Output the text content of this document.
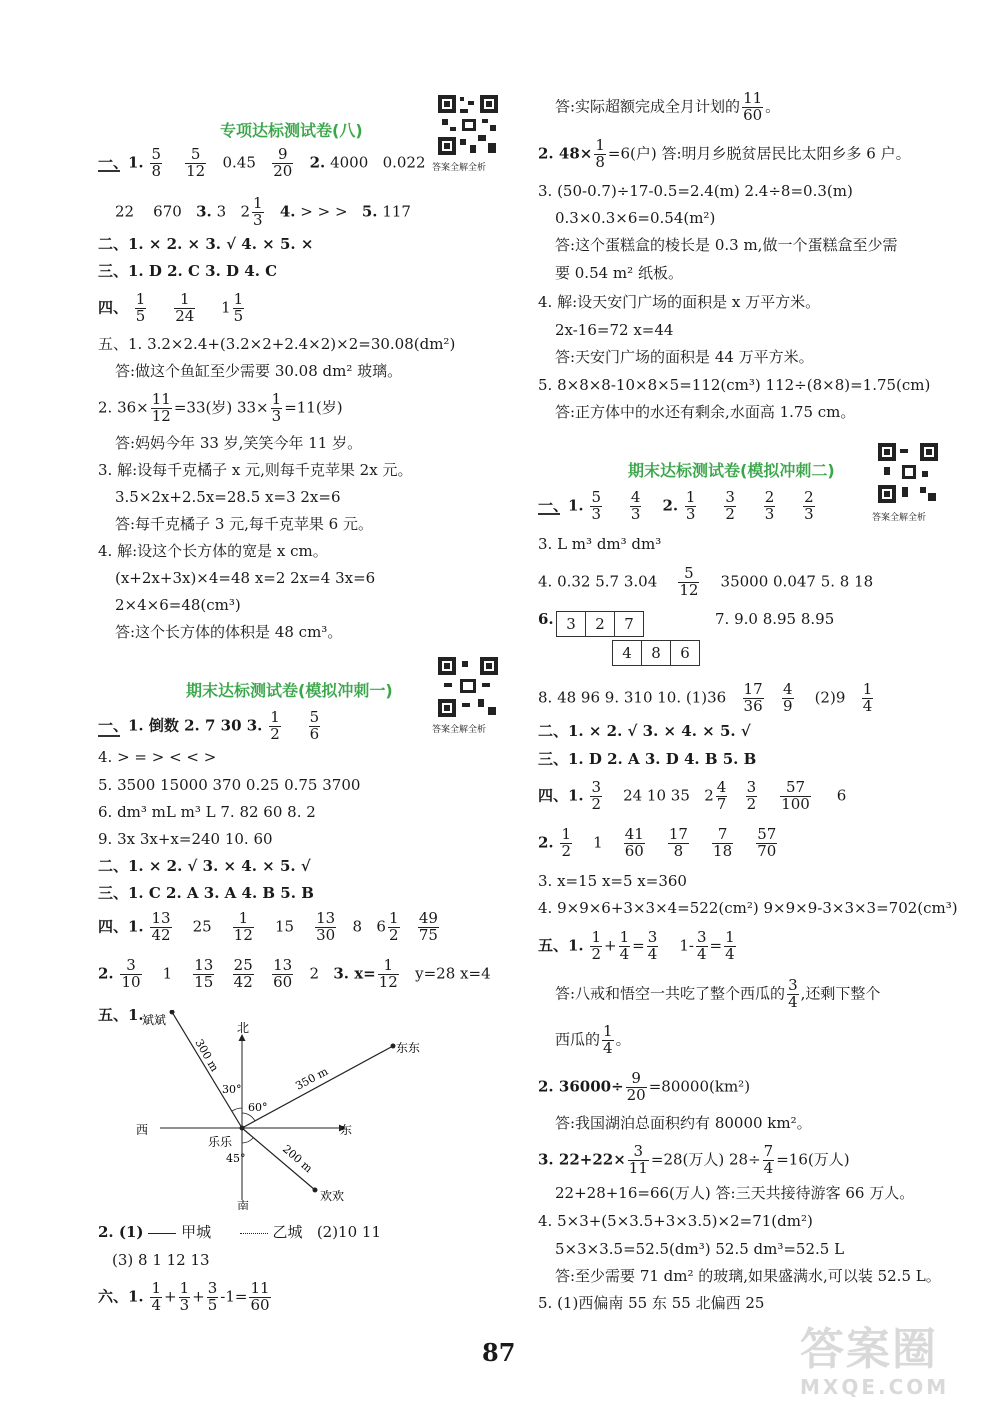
专项达标测试卷(八)
答案全解全析
一、1. $\frac{5}{8}$
$\frac{5}{12} 0.45 \frac{9}{20} 2$. 4000 0.022
22 670 3. 3 $2 \frac{1}{3} 4$. > > > 5. 117
二、1. × 2. × 3. √ 4. × 5. ×
三、1. D 2. C 3. D 4. C
四、 $\frac{1}{5}$
$\frac{1}{24} 1 \frac{1}{5}$
五、1. 3.2×2.4+(3.2×2+2.4×2)×2=30.08(dm²)
答:做这个鱼缸至少需要 30.08 dm² 玻璃。
2. $36\times \frac{11}{12} =33$(岁) $33\times \frac{1}{3} =11$(岁)
答:妈妈今年 33 岁,笑笑今年 11 岁。
3. 解:设每千克橘子 x 元,则每千克苹果 2x 元。
3.5×2x+2.5x=28.5 x=3 2x=6
答:每千克橘子 3 元,每千克苹果 6 元。
4. 解:设这个长方体的宽是 x cm。
(x+2x+3x)×4=48 x=2 2x=4 3x=6
2×4×6=48(cm³)
答:这个长方体的体积是 48 cm³。
期末达标测试卷(模拟冲刺一)
答案全解全析
一、1. 倒数 2. 7 30 3. $\frac{1}{2}$
$\frac{5}{6}$
4. > = > < < >
5. 3500 15000 370 0.25 0.75 3700
6. dm³ mL m³ L 7. 82 60 8. 2
9. 3x 3x+x=240 10. 60
二、1. × 2. √ 3. × 4. × 5. √
三、1. C 2. A 3. A 4. B 5. B
四、1. $\frac{13}{42} 25 \frac{1}{12} 15 \frac{13}{30} 8$ $6 \frac{1}{2}$
$\frac{49}{75}$
2. $\frac{3}{10} 1 \frac{13}{15}$
$\frac{25}{42}$
$\frac{13}{60} 2$ 3. $x= \frac{1}{12} y=28$ x=4
五、1.
北
南
西	东
乐乐
斌斌
东东
欢欢
300 m
350 m
200 m
30°
60°
45°
2. (1)	甲城	乙城 (2)10 11
(3) 8 1 12 13
六、1. $\frac{1}{4} + \frac{1}{3} + \frac{3}{5} -1= \frac{11}{60}$
答:实际超额完成全月计划的 $\frac{11}{60}$ 。
2. $48\times \frac{1}{8} =6$(户) 答:明月乡脱贫居民比太阳乡多 6 户。
3. (50-0.7)÷17-0.5=2.4(m) 2.4÷8=0.3(m)
0.3×0.3×6=0.54(m²)
答:这个蛋糕盒的棱长是 0.3 m,做一个蛋糕盒至少需
要 0.54 m² 纸板。
4. 解:设天安门广场的面积是 x 万平方米。
2x-16=72 x=44
答:天安门广场的面积是 44 万平方米。
5. 8×8×8-10×8×5=112(cm³) 112÷(8×8)=1.75(cm)
答:正方体中的水还有剩余,水面高 1.75 cm。
期末达标测试卷(模拟冲刺二)
答案全解全析
一、1. $\frac{5}{3}$
$\frac{4}{3} 2$. $\frac{1}{3}$
$\frac{3}{2}$
$\frac{2}{3}$
$\frac{2}{3}$
3. L m³ dm³ dm³
4. 0.32 5.7 $3.04 \frac{5}{12} 35000$ 0.047 5. 8 18
6. 3	2	7
4	8	6
7. 9.0 8.95 8.95
8. 48 96 9. 310 10. $(1)36 \frac{17}{36}$
$\frac{4}{9} (2)9 \frac{1}{4}$
二、1. × 2. √ 3. × 4. × 5. √
三、1. D 2. A 3. D 4. B 5. B
四、1. $\frac{3}{2} 24$ 10 35 $2 \frac{4}{7}$
$\frac{3}{2}$
$\frac{57}{100} 6$
2. $\frac{1}{2} 1 \frac{41}{60}$
$\frac{17}{8}$
$\frac{7}{18}$
$\frac{57}{70}$
3. x=15 x=5 x=360
4. 9×9×6+3×3×4=522(cm²) 9×9×9-3×3×3=702(cm³)
五、1. $\frac{1}{2} + \frac{1}{4} = \frac{3}{4} 1- \frac{3}{4} = \frac{1}{4}$
答:八戒和悟空一共吃了整个西瓜的 $\frac{3}{4}$ ,还剩下整个
西瓜的 $\frac{1}{4}$ 。
2. $36000\div \frac{9}{20} =80000(km^2)$
答:我国湖泊总面积约有 80000 km²。
3. $22+22\times \frac{3}{11} =28$(万人) $28\div \frac{7}{4} =16$(万人)
22+28+16=66(万人) 答:三天共接待游客 66 万人。
4. 5×3+(5×3.5+3×3.5)×2=71(dm²)
5×3×3.5=52.5(dm³) 52.5 dm³=52.5 L
答:至少需要 71 dm² 的玻璃,如果盛满水,可以装 52.5 L。
5. (1)西偏南 55 东 55 北偏西 25
87	答案圈
MXQE.COM
